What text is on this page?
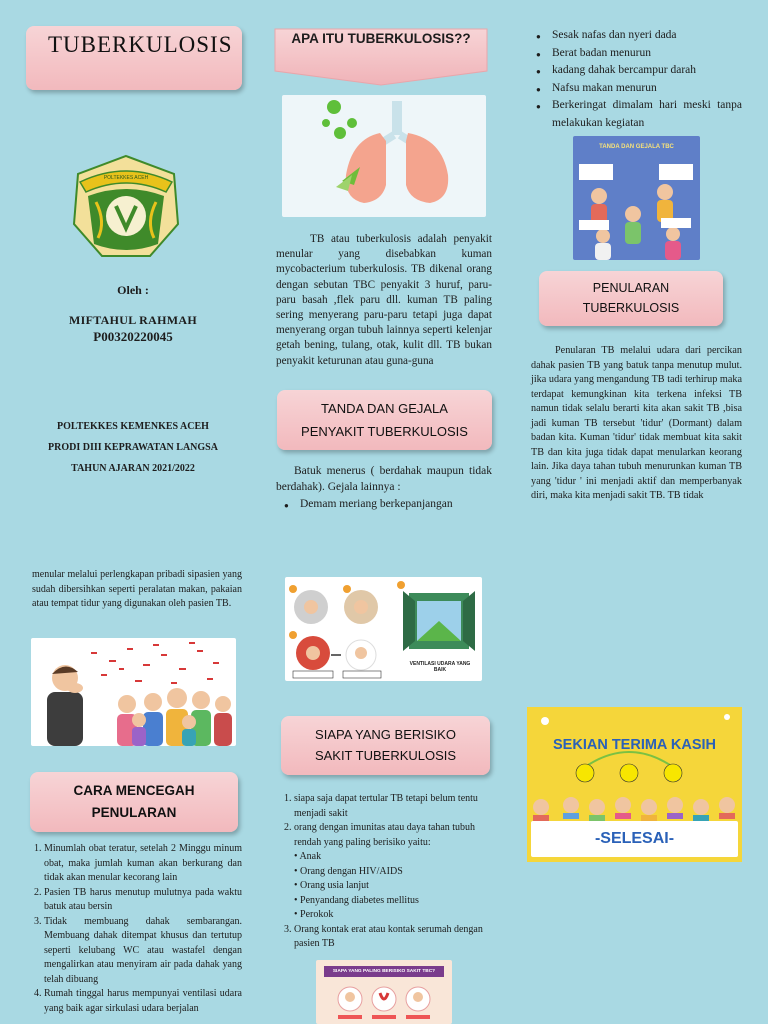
TUBERKULOSIS
POLTEKKES ACEH
Oleh :
MIFTAHUL RAHMAH
P00320220045
POLTEKKES KEMENKES ACEH
PRODI DIII KEPRAWATAN LANGSA
TAHUN AJARAN 2021/2022
menular melalui perlengkapan pribadi sipasien yang sudah dibersihkan seperti peralatan makan, pakaian atau tempat tidur yang digunakan oleh pasien TB.
CARA MENCEGAH PENULARAN
1. Minumlah obat teratur, setelah 2 Minggu minum obat, maka jumlah kuman akan berkurang dan tidak akan menular kecorang lain
2. Pasien TB harus menutup mulutnya pada waktu batuk atau bersin
3. Tidak membuang dahak sembarangan. Membuang dahak ditempat khusus dan tertutup seperti kelubang WC atau wastafel dengan mengalirkan atau menyiram air pada dahak yang telah dibuang
4. Rumah tinggal harus mempunyai ventilasi udara yang baik agar sirkulasi udara berjalan
APA ITU TUBERKULOSIS??
TB atau tuberkulosis adalah penyakit menular yang disebabkan kuman mycobacterium tuberkulosis. TB dikenal orang dengan sebutan TBC penyakit 3 huruf, paru-paru basah ,flek paru dll. kuman TB paling sering menyerang paru-paru tetapi juga dapat menyerang organ tubuh lainnya seperti kelenjar getah bening, tulang, otak, kulit dll. TB bukan penyakit keturunan atau guna-guna
TANDA DAN GEJALA PENYAKIT TUBERKULOSIS
Batuk menerus ( berdahak maupun tidak berdahak). Gejala lainnya :
● Demam meriang berkepanjangan
VENTILASI UDARA YANG BAIK
SIAPA YANG BERISIKO SAKIT TUBERKULOSIS
1. siapa saja dapat tertular TB tetapi belum tentu menjadi sakit
2. orang dengan imunitas atau daya tahan tubuh rendah yang paling berisiko yaitu:
• Anak
• Orang dengan HIV/AIDS
• Orang usia lanjut
• Penyandang diabetes mellitus
• Perokok
3. Orang kontak erat atau kontak serumah dengan pasien TB
SIAPA YANG PALING BERISIKO SAKIT TBC?
● Sesak nafas dan nyeri dada
● Berat badan menurun
● kadang dahak bercampur darah
● Nafsu makan menurun
● Berkeringat dimalam hari meski tanpa melakukan kegiatan
TANDA DAN GEJALA TBC
PENULARAN TUBERKULOSIS
Penularan TB melalui udara dari percikan dahak pasien TB yang batuk tanpa menutup mulut. jika udara yang mengandung TB tadi terhirup maka terdapat kemungkinan kita terkena infeksi TB namun tidak selalu berarti kita akan sakit TB ,bisa jadi kuman TB tersebut 'tidur' (Dormant) dalam badan kita. Kuman 'tidur' tidak membuat kita sakit TB dan kita juga tidak dapat menularkan keorang lain. Jika daya tahan tubuh menurunkan kuman TB yang 'tidur ' ini menjadi aktif dan memperbanyak diri, maka kita menjadi sakit TB. TB tidak
SEKIAN TERIMA KASIH
-SELESAI-
